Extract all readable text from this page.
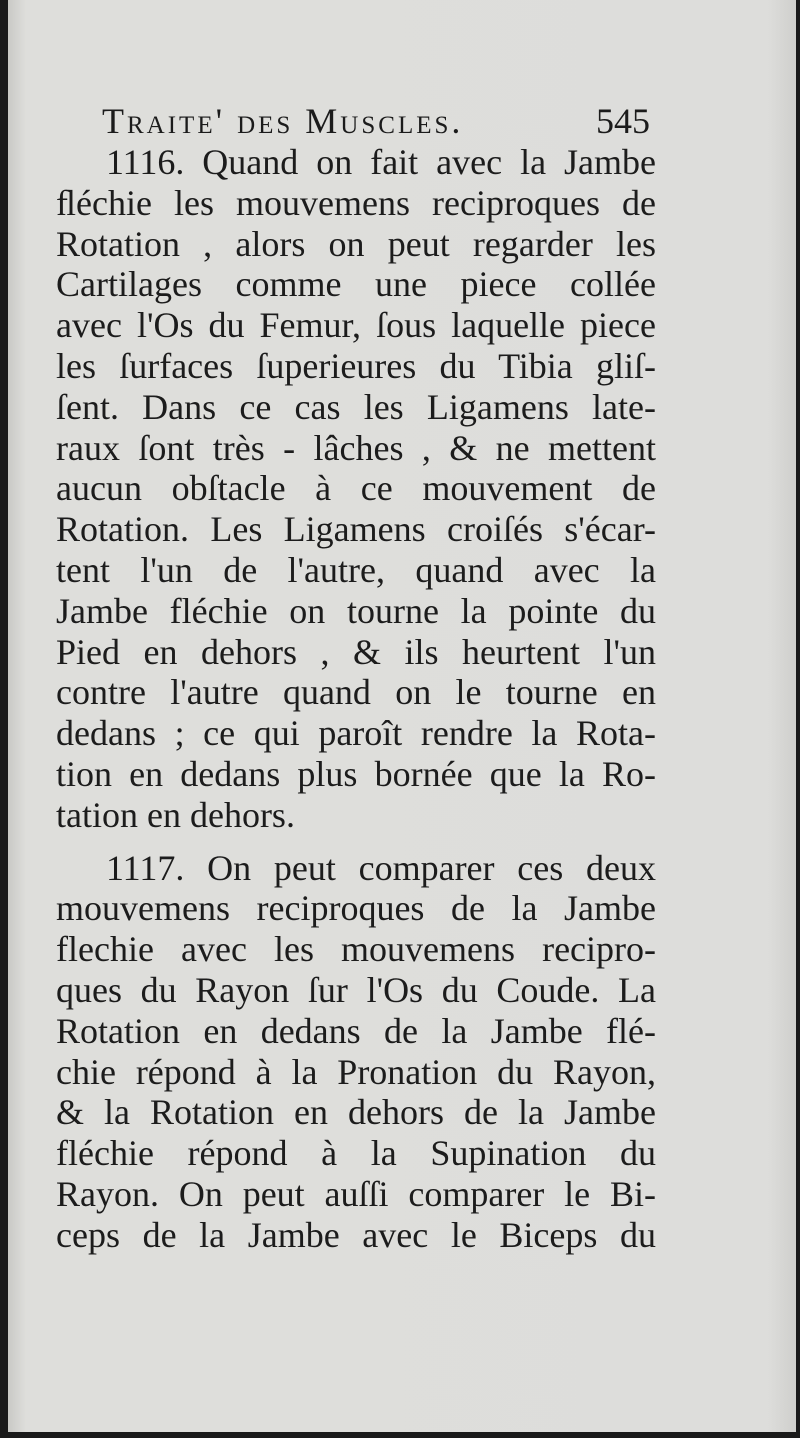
Traite' des Muscles.	545
1116. Quand on fait avec la Jambe
ﬂéchie les mouvemens reciproques de
Rotation , alors on peut regarder les
Cartilages comme une piece collée
avec l'Os du Femur, ſous laquelle piece
les ſurfaces ſuperieures du Tibia gliſ-
ſent. Dans ce cas les Ligamens late-
raux ſont très - lâches , & ne mettent
aucun obſtacle à ce mouvement de
Rotation. Les Ligamens croiſés s'écar-
tent l'un de l'autre, quand avec la
Jambe fléchie on tourne la pointe du
Pied en dehors , & ils heurtent l'un
contre l'autre quand on le tourne en
dedans ; ce qui paroît rendre la Rota-
tion en dedans plus bornée que la Ro-
tation en dehors.
1117. On peut comparer ces deux
mouvemens reciproques de la Jambe
flechie avec les mouvemens recipro-
ques du Rayon ſur l'Os du Coude. La
Rotation en dedans de la Jambe flé-
chie répond à la Pronation du Rayon,
& la Rotation en dehors de la Jambe
fléchie répond à la Supination du
Rayon. On peut auſſi comparer le Bi-
ceps de la Jambe avec le Biceps du
